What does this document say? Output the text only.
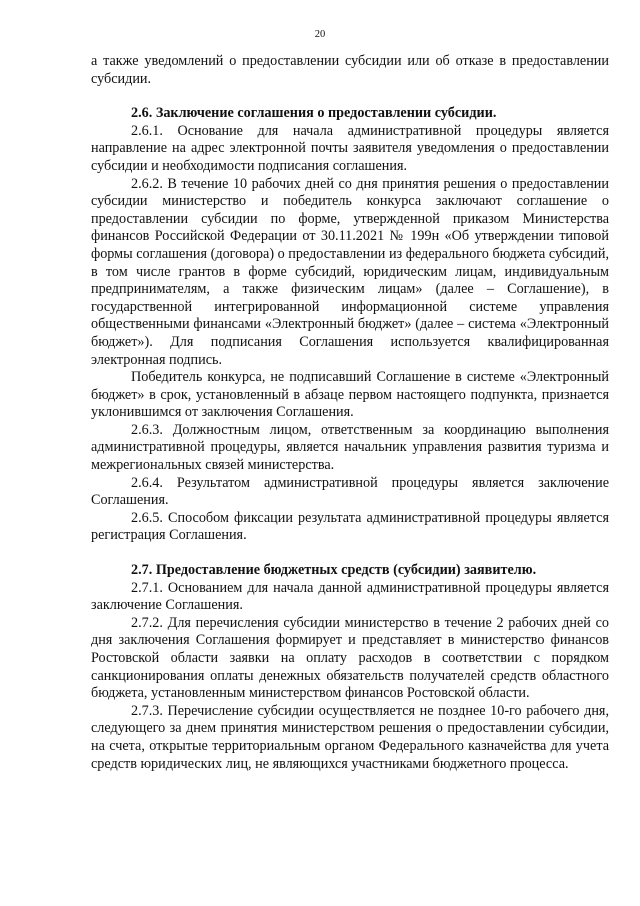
20

а также уведомлений о предоставлении субсидии или об отказе в предоставлении субсидии.

2.6. Заключение соглашения о предоставлении субсидии.

2.6.1. Основание для начала административной процедуры является направление на адрес электронной почты заявителя уведомления о предоставлении субсидии и необходимости подписания соглашения.

2.6.2. В течение 10 рабочих дней со дня принятия решения о предоставлении субсидии министерство и победитель конкурса заключают соглашение о предоставлении субсидии по форме, утвержденной приказом Министерства финансов Российской Федерации от 30.11.2021 № 199н «Об утверждении типовой формы соглашения (договора) о предоставлении из федерального бюджета субсидий, в том числе грантов в форме субсидий, юридическим лицам, индивидуальным предпринимателям, а также физическим лицам» (далее – Соглашение), в государственной интегрированной информационной системе управления общественными финансами «Электронный бюджет» (далее – система «Электронный бюджет»). Для подписания Соглашения используется квалифицированная электронная подпись.

Победитель конкурса, не подписавший Соглашение в системе «Электронный бюджет» в срок, установленный в абзаце первом настоящего подпункта, признается уклонившимся от заключения Соглашения.

2.6.3. Должностным лицом, ответственным за координацию выполнения административной процедуры, является начальник управления развития туризма и межрегиональных связей министерства.

2.6.4. Результатом административной процедуры является заключение Соглашения.

2.6.5. Способом фиксации результата административной процедуры является регистрация Соглашения.

2.7. Предоставление бюджетных средств (субсидии) заявителю.

2.7.1. Основанием для начала данной административной процедуры является заключение Соглашения.

2.7.2. Для перечисления субсидии министерство в течение 2 рабочих дней со дня заключения Соглашения формирует и представляет в министерство финансов Ростовской области заявки на оплату расходов в соответствии с порядком санкционирования оплаты денежных обязательств получателей средств областного бюджета, установленным министерством финансов Ростовской области.

2.7.3. Перечисление субсидии осуществляется не позднее 10-го рабочего дня, следующего за днем принятия министерством решения о предоставлении субсидии, на счета, открытые территориальным органом Федерального казначейства для учета средств юридических лиц, не являющихся участниками бюджетного процесса.
